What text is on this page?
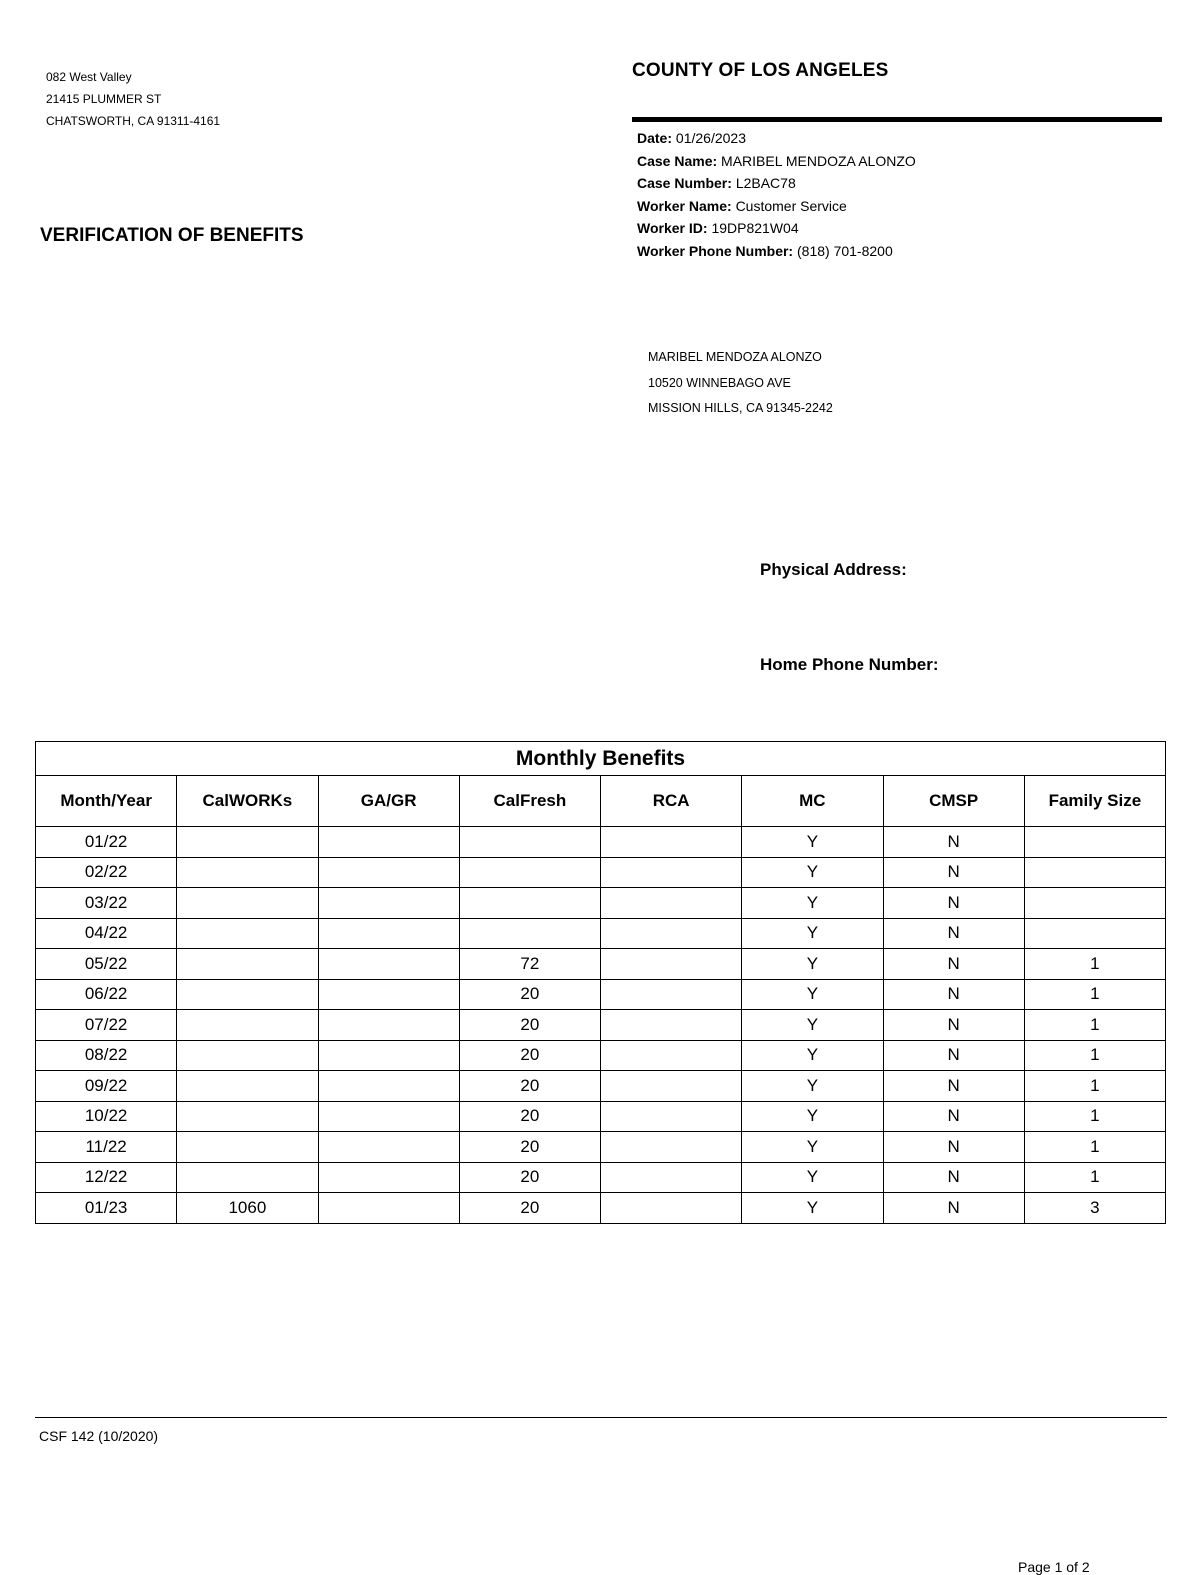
082 West Valley
21415 PLUMMER ST
CHATSWORTH, CA 91311-4161
COUNTY OF LOS ANGELES
VERIFICATION OF BENEFITS
Date: 01/26/2023
Case Name: MARIBEL MENDOZA ALONZO
Case Number: L2BAC78
Worker Name: Customer Service
Worker ID: 19DP821W04
Worker Phone Number: (818) 701-8200
MARIBEL MENDOZA ALONZO
10520 WINNEBAGO AVE
MISSION HILLS, CA 91345-2242
Physical Address:
Home Phone Number:
Monthly Benefits							
Month/Year	CalWORKs	GA/GR	CalFresh	RCA	MC	CMSP	Family Size
01/22					Y	N	
02/22					Y	N	
03/22					Y	N	
04/22					Y	N	
05/22			72		Y	N	1
06/22			20		Y	N	1
07/22			20		Y	N	1
08/22			20		Y	N	1
09/22			20		Y	N	1
10/22			20		Y	N	1
11/22			20		Y	N	1
12/22			20		Y	N	1
01/23	1060		20		Y	N	3
CSF 142 (10/2020)
Page 1 of 2
